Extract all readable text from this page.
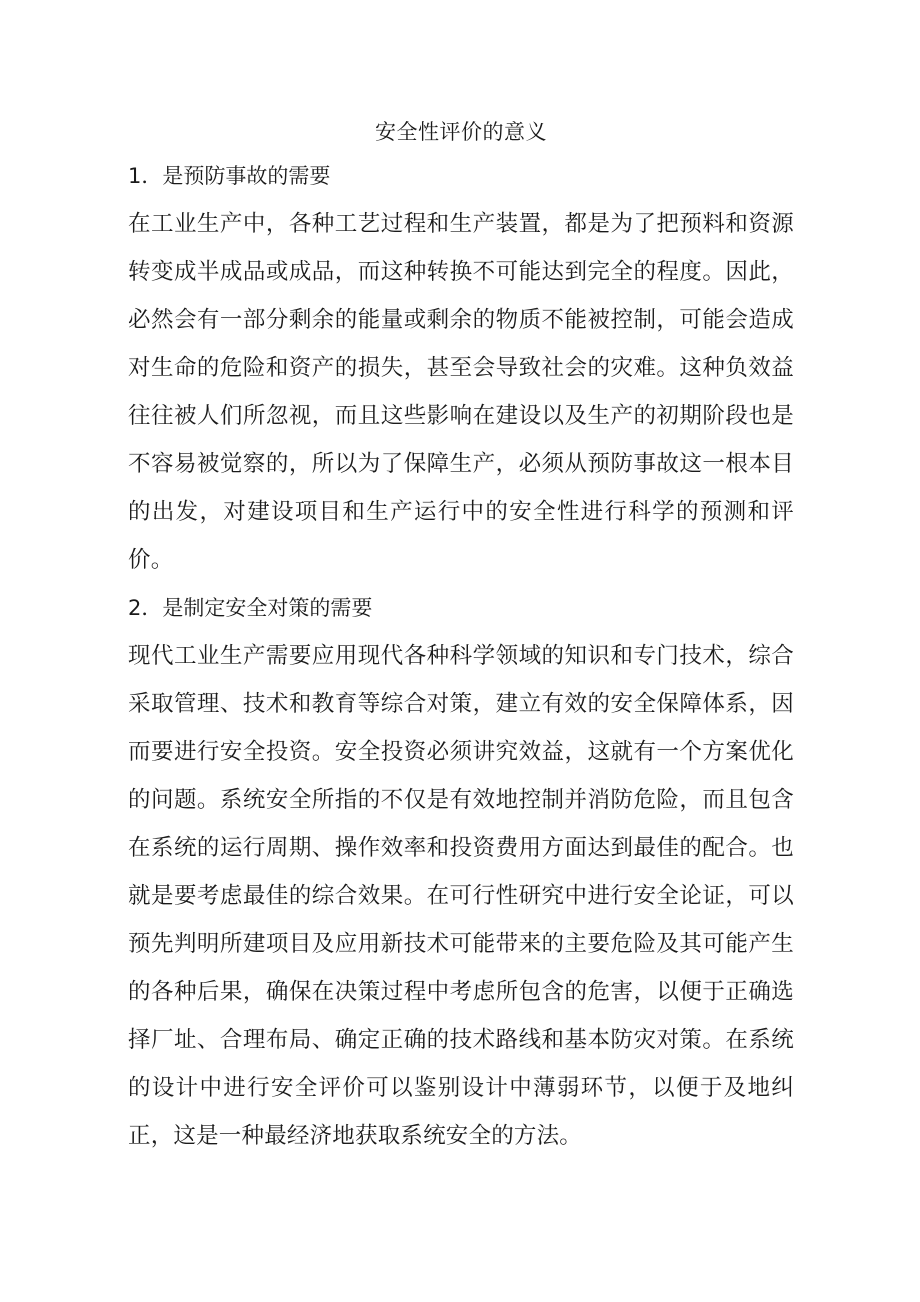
安全性评价的意义
1．是预防事故的需要

在工业生产中，各种工艺过程和生产装置，都是为了把预料和资源转变成半成品或成品，而这种转换不可能达到完全的程度。因此，必然会有一部分剩余的能量或剩余的物质不能被控制，可能会造成对生命的危险和资产的损失，甚至会导致社会的灾难。这种负效益往往被人们所忽视，而且这些影响在建设以及生产的初期阶段也是不容易被觉察的，所以为了保障生产，必须从预防事故这一根本目的出发，对建设项目和生产运行中的安全性进行科学的预测和评价。

2．是制定安全对策的需要

现代工业生产需要应用现代各种科学领域的知识和专门技术，综合采取管理、技术和教育等综合对策，建立有效的安全保障体系，因而要进行安全投资。安全投资必须讲究效益，这就有一个方案优化的问题。系统安全所指的不仅是有效地控制并消防危险，而且包含在系统的运行周期、操作效率和投资费用方面达到最佳的配合。也就是要考虑最佳的综合效果。在可行性研究中进行安全论证，可以预先判明所建项目及应用新技术可能带来的主要危险及其可能产生的各种后果，确保在决策过程中考虑所包含的危害，以便于正确选择厂址、合理布局、确定正确的技术路线和基本防灾对策。在系统的设计中进行安全评价可以鉴别设计中薄弱环节，以便于及地纠正，这是一种最经济地获取系统安全的方法。
